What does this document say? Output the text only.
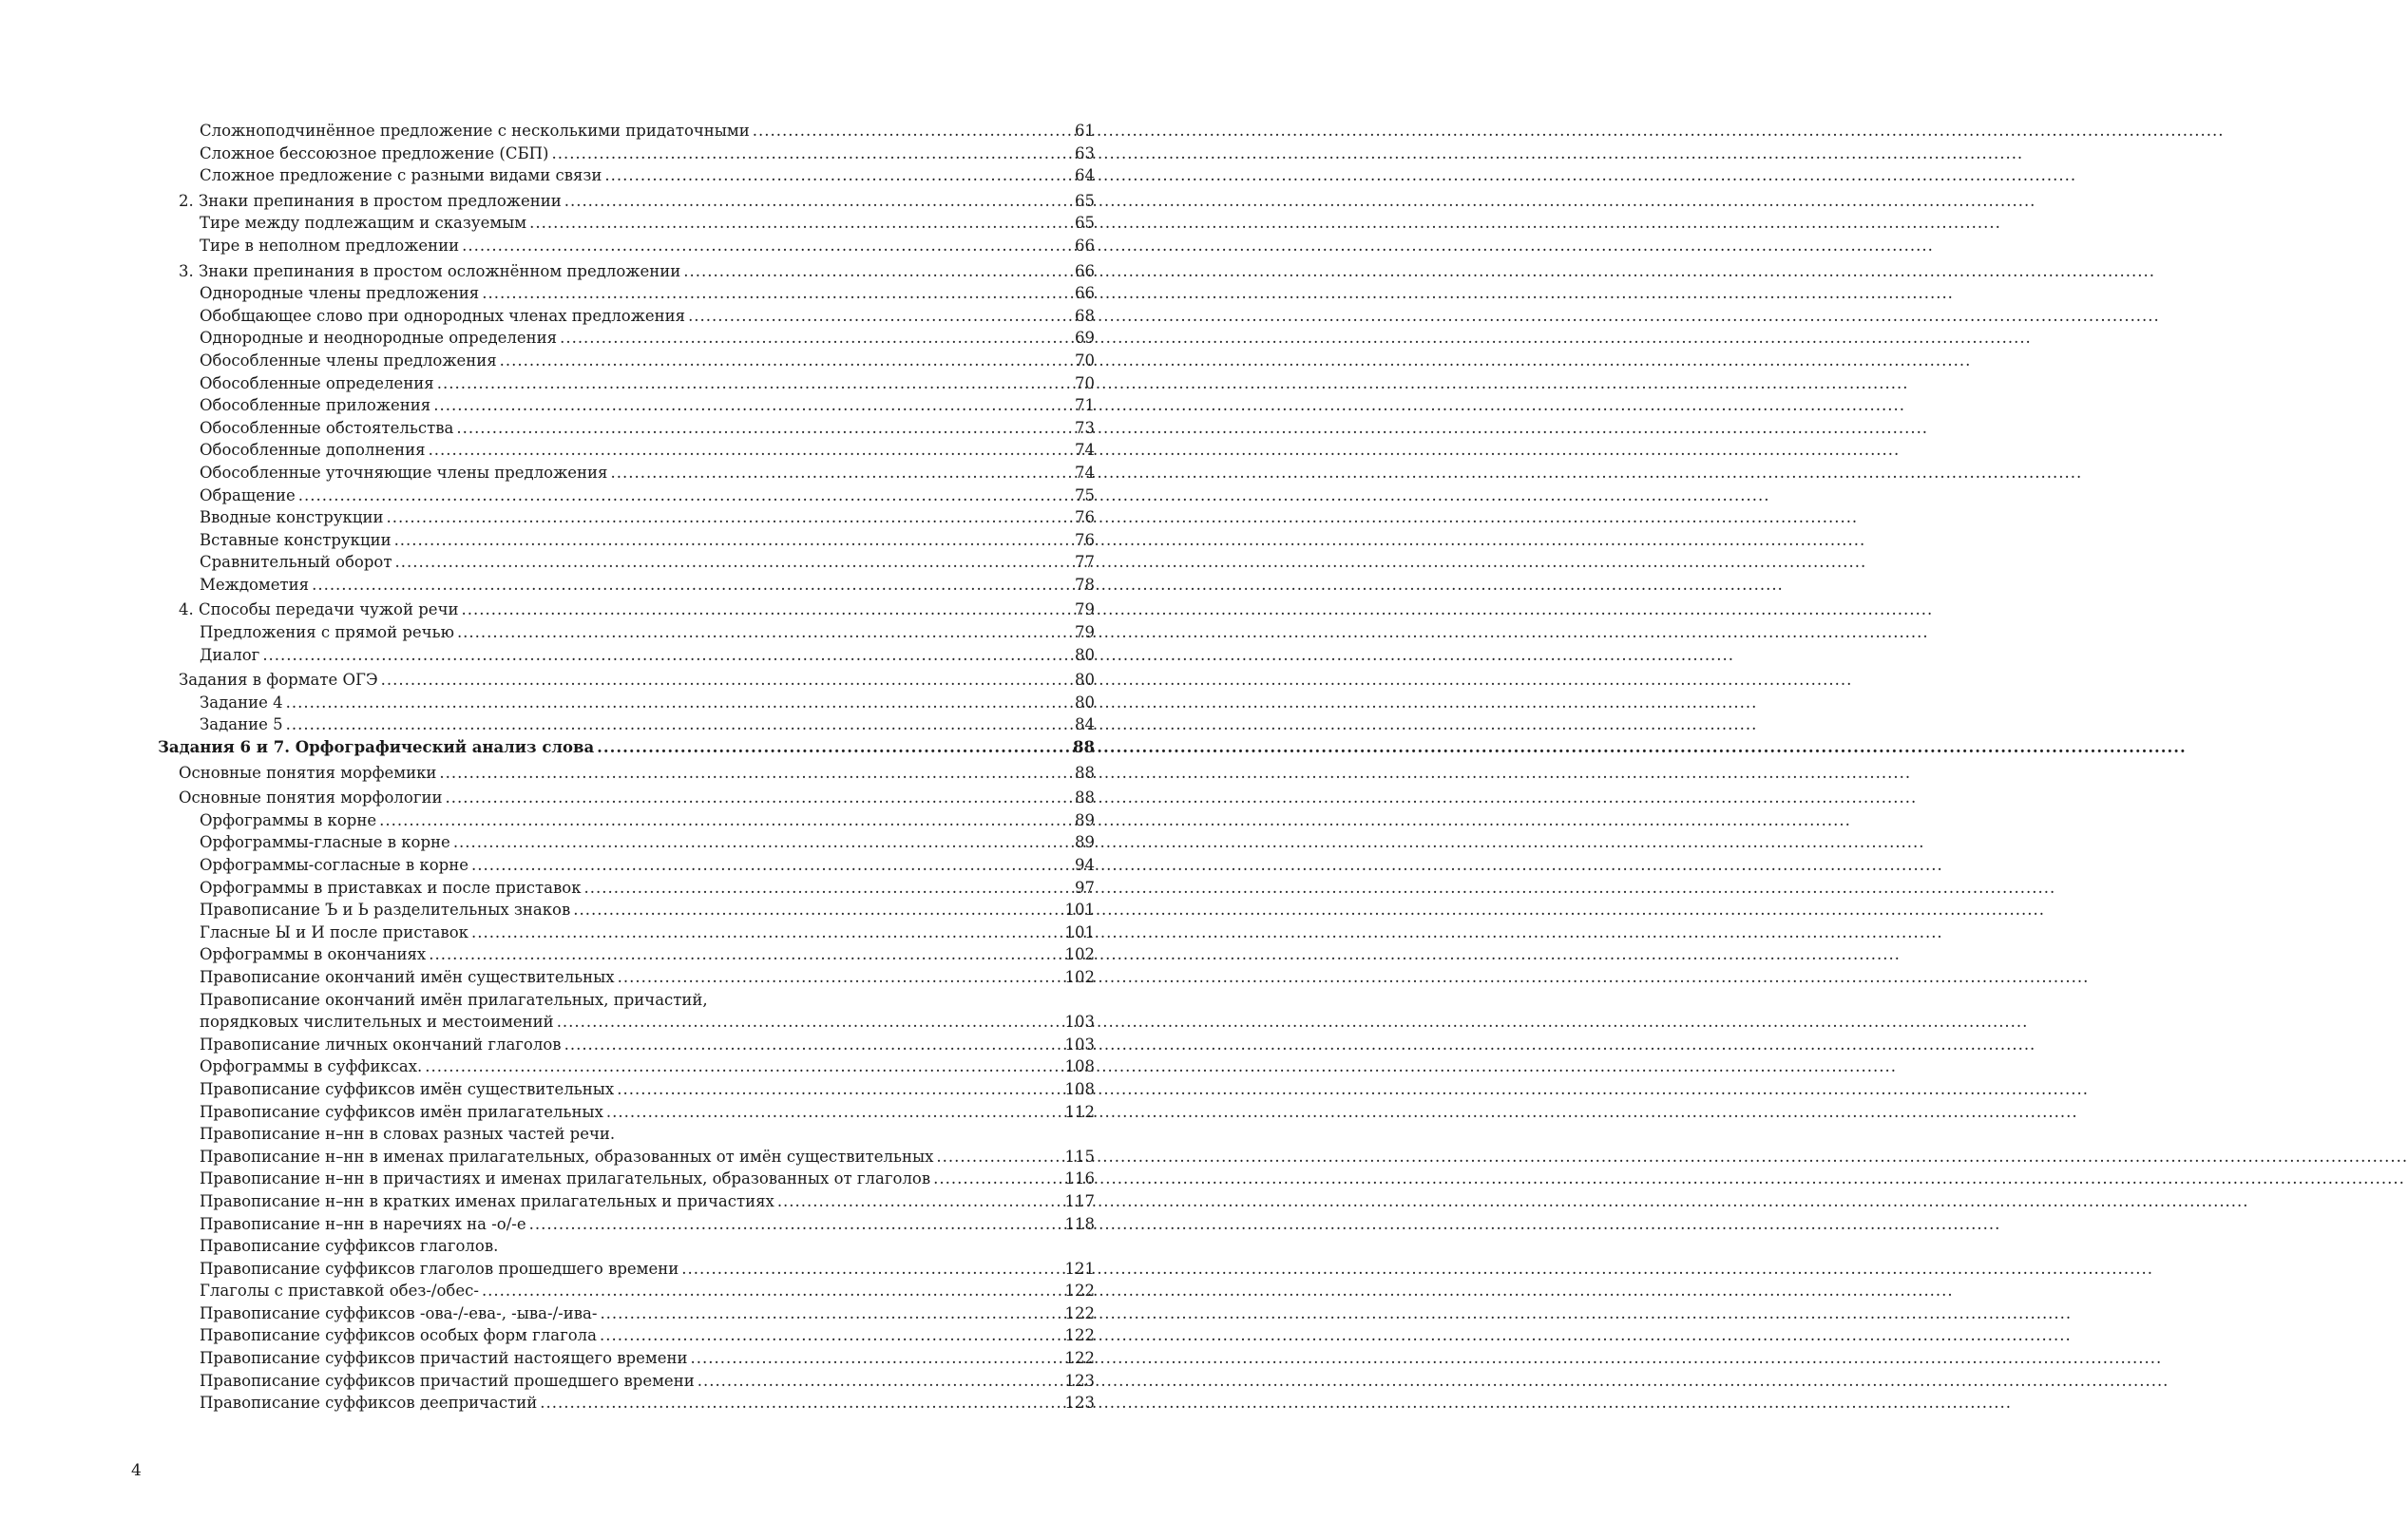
Сложноподчинённое предложение с несколькими придаточными .....	61
Сложное бессоюзное предложение (СБП) .....	63
Сложное предложение с разными видами связи .....	64
2. Знаки препинания в простом предложении .....	65
Тире между подлежащим и сказуемым .....	65
Тире в неполном предложении .....	66
3. Знаки препинания в простом осложнённом предложении .....	66
Однородные члены предложения .....	66
Обобщающее слово при однородных членах предложения .....	68
Однородные и неоднородные определения .....	69
Обособленные члены предложения .....	70
Обособленные определения .....	70
Обособленные приложения .....	71
Обособленные обстоятельства .....	73
Обособленные дополнения .....	74
Обособленные уточняющие члены предложения .....	74
Обращение .....	75
Вводные конструкции .....	76
Вставные конструкции .....	76
Сравнительный оборот .....	77
Междометия .....	78
4. Способы передачи чужой речи .....	79
Предложения с прямой речью .....	79
Диалог .....	80
Задания в формате ОГЭ .....	80
Задание 4 .....	80
Задание 5 .....	84
Задания 6 и 7. Орфографический анализ слова .....	88
Основные понятия морфемики .....	88
Основные понятия морфологии .....	88
Орфограммы в корне .....	89
Орфограммы-гласные в корне .....	89
Орфограммы-согласные в корне .....	94
Орфограммы в приставках и после приставок .....	97
Правописание Ъ и Ь разделительных знаков .....	101
Гласные Ы и И после приставок .....	101
Орфограммы в окончаниях .....	102
Правописание окончаний имён существительных .....	102
Правописание окончаний имён прилагательных, причастий,
порядковых числительных и местоимений .....	103
Правописание личных окончаний глаголов .....	103
Орфограммы в суффиксах. .....	108
Правописание суффиксов имён существительных .....	108
Правописание суффиксов имён прилагательных .....	112
Правописание н–нн в словах разных частей речи.
Правописание н–нн в именах прилагательных, образованных от имён существительных .....	115
Правописание н–нн в причастиях и именах прилагательных, образованных от глаголов .....	116
Правописание н–нн в кратких именах прилагательных и причастиях .....	117
Правописание н–нн в наречиях на -о/-е .....	118
Правописание суффиксов глаголов.
Правописание суффиксов глаголов прошедшего времени .....	121
Глаголы с приставкой обез-/обес- .....	122
Правописание суффиксов -ова-/-ева-, -ыва-/-ива- .....	122
Правописание суффиксов особых форм глагола .....	122
Правописание суффиксов причастий настоящего времени .....	122
Правописание суффиксов причастий прошедшего времени .....	123
Правописание суффиксов деепричастий .....	123
4
